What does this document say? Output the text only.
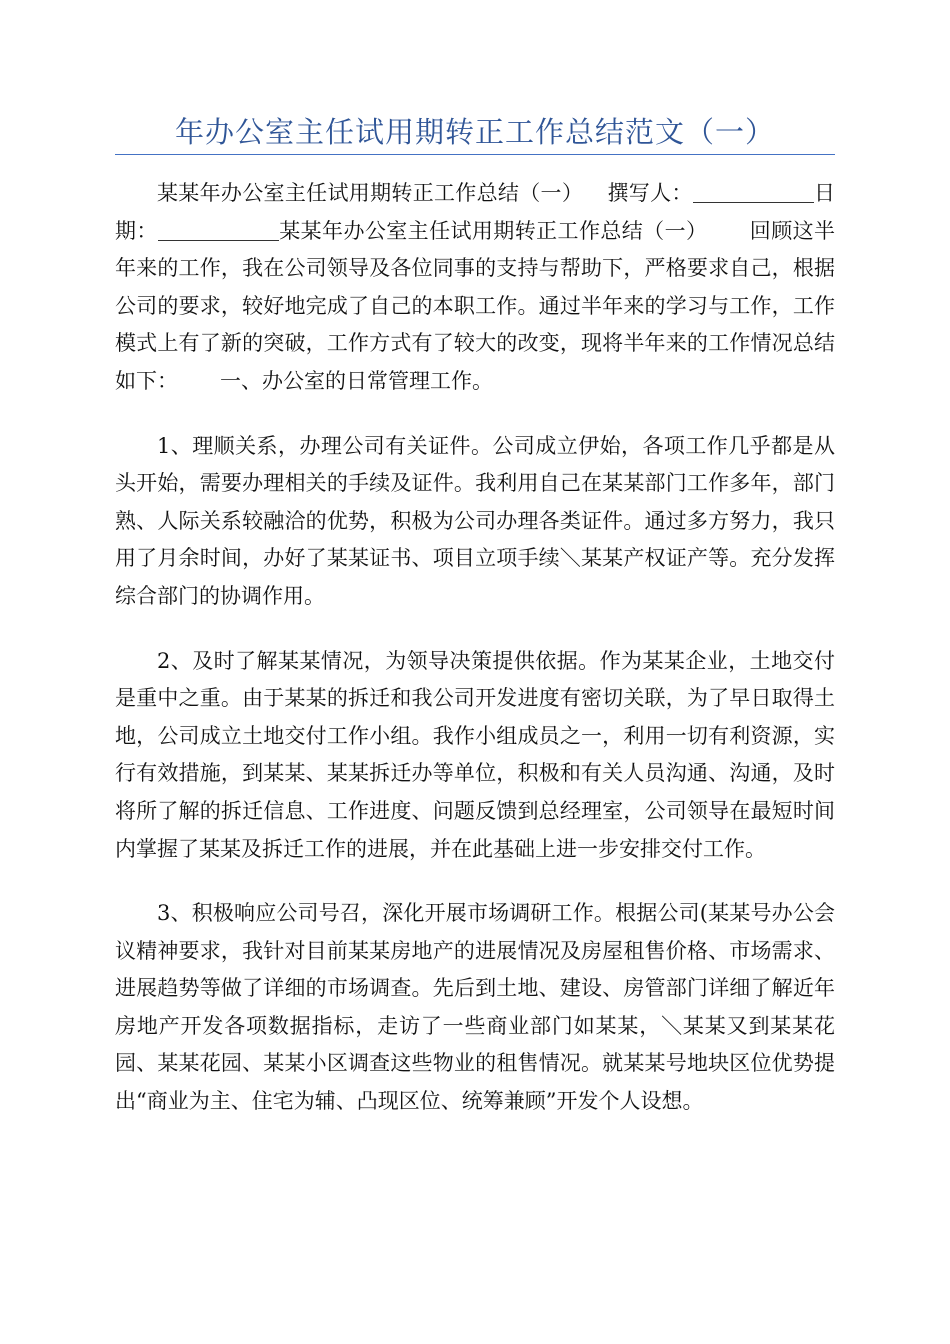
年办公室主任试用期转正工作总结范文（一）

某某年办公室主任试用期转正工作总结（一） 撰写人：	日期：	某某年办公室主任试用期转正工作总结（一） 回顾这半年来的工作，我在公司领导及各位同事的支持与帮助下，严格要求自己，根据公司的要求，较好地完成了自己的本职工作。通过半年来的学习与工作，工作模式上有了新的突破，工作方式有了较大的改变，现将半年来的工作情况总结如下： 一、办公室的日常管理工作。

1、理顺关系，办理公司有关证件。公司成立伊始，各项工作几乎都是从头开始，需要办理相关的手续及证件。我利用自己在某某部门工作多年，部门熟、人际关系较融洽的优势，积极为公司办理各类证件。通过多方努力，我只用了月余时间，办好了某某证书、项目立项手续＼某某产权证产等。充分发挥综合部门的协调作用。

2、及时了解某某情况，为领导决策提供依据。作为某某企业，土地交付是重中之重。由于某某的拆迁和我公司开发进度有密切关联，为了早日取得土地，公司成立土地交付工作小组。我作小组成员之一，利用一切有利资源，实行有效措施，到某某、某某拆迁办等单位，积极和有关人员沟通、沟通，及时将所了解的拆迁信息、工作进度、问题反馈到总经理室，公司领导在最短时间内掌握了某某及拆迁工作的进展，并在此基础上进一步安排交付工作。

3、积极响应公司号召，深化开展市场调研工作。根据公司(某某号办公会议精神要求，我针对目前某某房地产的进展情况及房屋租售价格、市场需求、进展趋势等做了详细的市场调查。先后到土地、建设、房管部门详细了解近年房地产开发各项数据指标，走访了一些商业部门如某某，＼某某又到某某花园、某某花园、某某小区调查这些物业的租售情况。就某某号地块区位优势提出“商业为主、住宅为辅、凸现区位、统筹兼顾”开发个人设想。
